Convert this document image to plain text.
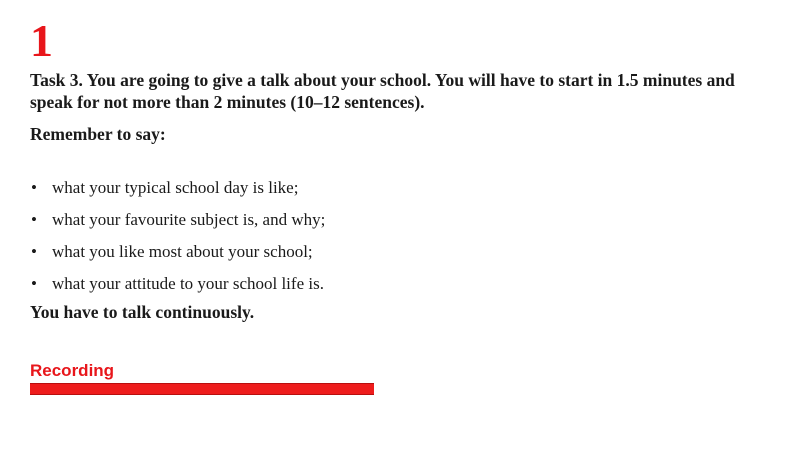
1

Task 3. You are going to give a talk about your school. You will have to start in 1.5 minutes and speak for not more than 2 minutes (10–12 sentences).

Remember to say:

• what your typical school day is like;
• what your favourite subject is, and why;
• what you like most about your school;
• what your attitude to your school life is.

You have to talk continuously.

Recording
